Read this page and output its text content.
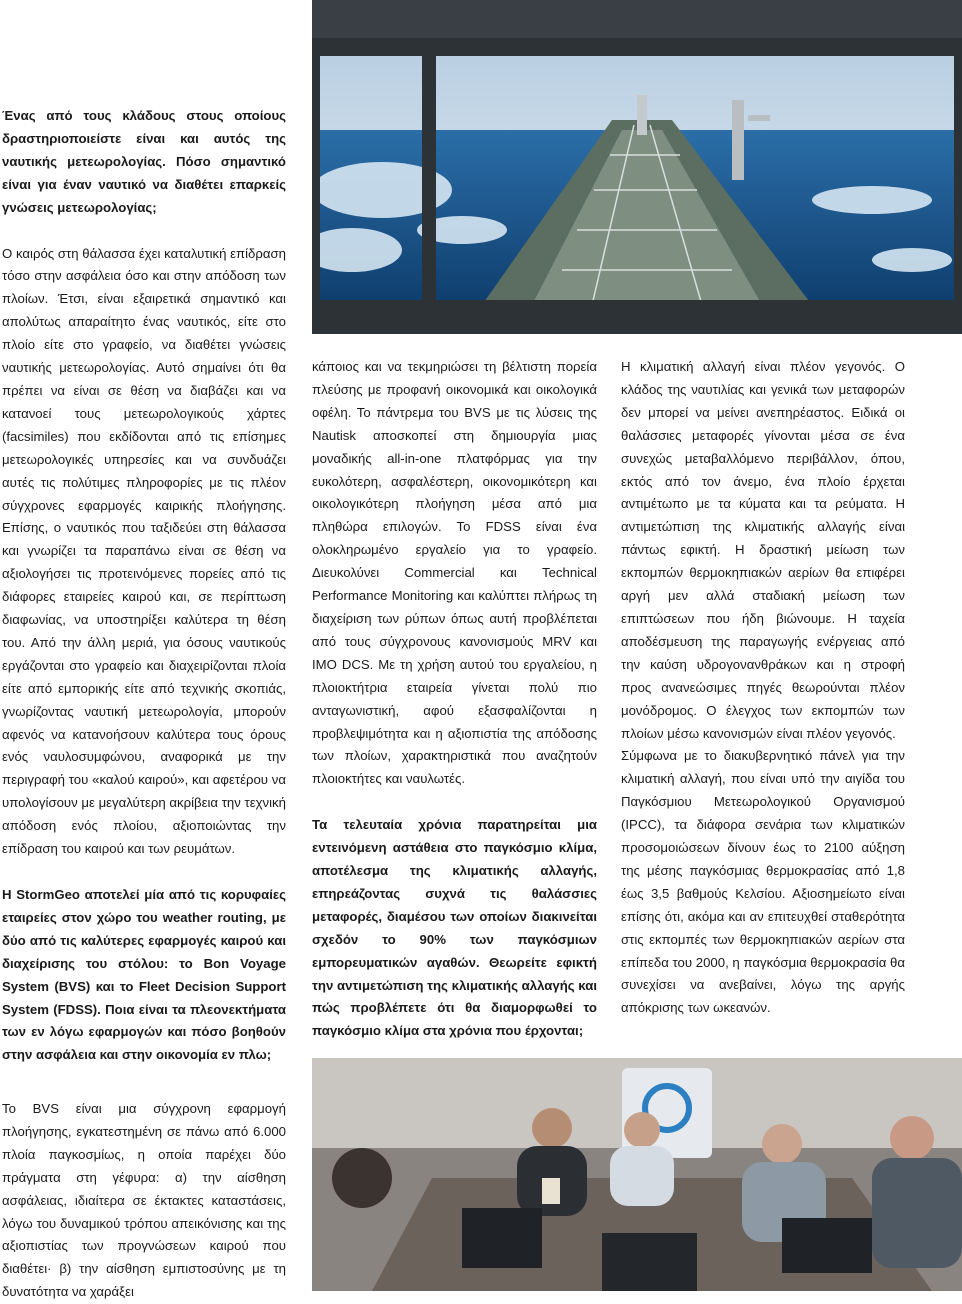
Ένας από τους κλάδους στους οποίους δραστηριοποιείστε είναι και αυτός της ναυτικής μετεωρολογίας. Πόσο σημαντικό είναι για έναν ναυτικό να διαθέτει επαρκείς γνώσεις μετεωρολογίας;

Ο καιρός στη θάλασσα έχει καταλυτική επίδραση τόσο στην ασφάλεια όσο και στην απόδοση των πλοίων. Έτσι, είναι εξαιρετικά σημαντικό και απολύτως απαραίτητο ένας ναυτικός, είτε στο πλοίο είτε στο γραφείο, να διαθέτει γνώσεις ναυτικής μετεωρολογίας. Αυτό σημαίνει ότι θα πρέπει να είναι σε θέση να διαβάζει και να κατανοεί τους μετεωρολογικούς χάρτες (facsimiles) που εκδίδονται από τις επίσημες μετεωρολογικές υπηρεσίες και να συνδυάζει αυτές τις πολύτιμες πληροφορίες με τις πλέον σύγχρονες εφαρμογές καιρικής πλοήγησης. Επίσης, ο ναυτικός που ταξιδεύει στη θάλασσα και γνωρίζει τα παραπάνω είναι σε θέση να αξιολογήσει τις προτεινόμενες πορείες από τις διάφορες εταιρείες καιρού και, σε περίπτωση διαφωνίας, να υποστηρίξει καλύτερα τη θέση του. Από την άλλη μεριά, για όσους ναυτικούς εργάζονται στο γραφείο και διαχειρίζονται πλοία είτε από εμπορικής είτε από τεχνικής σκοπιάς, γνωρίζοντας ναυτική μετεωρολογία, μπορούν αφενός να κατανοήσουν καλύτερα τους όρους ενός ναυλοσυμφώνου, αναφορικά με την περιγραφή του «καλού καιρού», και αφετέρου να υπολογίσουν με μεγαλύτερη ακρίβεια την τεχνική απόδοση ενός πλοίου, αξιοποιώντας την επίδραση του καιρού και των ρευμάτων.

Η StormGeo αποτελεί μία από τις κορυφαίες εταιρείες στον χώρο του weather routing, με δύο από τις καλύτερες εφαρμογές καιρού και διαχείρισης του στόλου: το Bon Voyage System (BVS) και το Fleet Decision Support System (FDSS). Ποια είναι τα πλεονεκτήματα των εν λόγω εφαρμογών και πόσο βοηθούν στην ασφάλεια και στην οικονομία εν πλω;

Το BVS είναι μια σύγχρονη εφαρμογή πλοήγησης, εγκατεστημένη σε πάνω από 6.000 πλοία παγκοσμίως, η οποία παρέχει δύο πράγματα στη γέφυρα: α) την αίσθηση ασφάλειας, ιδιαίτερα σε έκτακτες καταστάσεις, λόγω του δυναμικού τρόπου απεικόνισης και της αξιοπιστίας των προγνώσεων καιρού που διαθέτει· β) την αίσθηση εμπιστοσύνης με τη δυνατότητα να χαράξει

κάποιος και να τεκμηριώσει τη βέλτιστη πορεία πλεύσης με προφανή οικονομικά και οικολογικά οφέλη. Το πάντρεμα του BVS με τις λύσεις της Nautisk αποσκοπεί στη δημιουργία μιας μοναδικής all-in-one πλατφόρμας για την ευκολότερη, ασφαλέστερη, οικονομικότερη και οικολογικότερη πλοήγηση μέσα από μια πληθώρα επιλογών. Το FDSS είναι ένα ολοκληρωμένο εργαλείο για το γραφείο. Διευκολύνει Commercial και Technical Performance Monitoring και καλύπτει πλήρως τη διαχείριση των ρύπων όπως αυτή προβλέπεται από τους σύγχρονους κανονισμούς MRV και IMO DCS. Με τη χρήση αυτού του εργαλείου, η πλοιοκτήτρια εταιρεία γίνεται πολύ πιο ανταγωνιστική, αφού εξασφαλίζονται η προβλεψιμότητα και η αξιοπιστία της απόδοσης των πλοίων, χαρακτηριστικά που αναζητούν πλοιοκτήτες και ναυλωτές.

Τα τελευταία χρόνια παρατηρείται μια εντεινόμενη αστάθεια στο παγκόσμιο κλίμα, αποτέλεσμα της κλιματικής αλλαγής, επηρεάζοντας συχνά τις θαλάσσιες μεταφορές, διαμέσου των οποίων διακινείται σχεδόν το 90% των παγκόσμιων εμπορευματικών αγαθών. Θεωρείτε εφικτή την αντιμετώπιση της κλιματικής αλλαγής και πώς προβλέπετε ότι θα διαμορφωθεί το παγκόσμιο κλίμα στα χρόνια που έρχονται;

Η κλιματική αλλαγή είναι πλέον γεγονός. Ο κλάδος της ναυτιλίας και γενικά των μεταφορών δεν μπορεί να μείνει ανεπηρέαστος. Ειδικά οι θαλάσσιες μεταφορές γίνονται μέσα σε ένα συνεχώς μεταβαλλόμενο περιβάλλον, όπου, εκτός από τον άνεμο, ένα πλοίο έρχεται αντιμέτωπο με τα κύματα και τα ρεύματα. Η αντιμετώπιση της κλιματικής αλλαγής είναι πάντως εφικτή. Η δραστική μείωση των εκπομπών θερμοκηπιακών αερίων θα επιφέρει αργή μεν αλλά σταδιακή μείωση των επιπτώσεων που ήδη βιώνουμε. Η ταχεία αποδέσμευση της παραγωγής ενέργειας από την καύση υδρογονανθράκων και η στροφή προς ανανεώσιμες πηγές θεωρούνται πλέον μονόδρομος. Ο έλεγχος των εκπομπών των πλοίων μέσω κανονισμών είναι πλέον γεγονός.

Σύμφωνα με το διακυβερνητικό πάνελ για την κλιματική αλλαγή, που είναι υπό την αιγίδα του Παγκόσμιου Μετεωρολογικού Οργανισμού (IPCC), τα διάφορα σενάρια των κλιματικών προσομοιώσεων δίνουν έως το 2100 αύξηση της μέσης παγκόσμιας θερμοκρασίας από 1,8 έως 3,5 βαθμούς Κελσίου. Αξιοσημείωτο είναι επίσης ότι, ακόμα και αν επιτευχθεί σταθερότητα στις εκπομπές των θερμοκηπιακών αερίων στα επίπεδα του 2000, η παγκόσμια θερμοκρασία θα συνεχίσει να ανεβαίνει, λόγω της αργής απόκρισης των ωκεανών.
